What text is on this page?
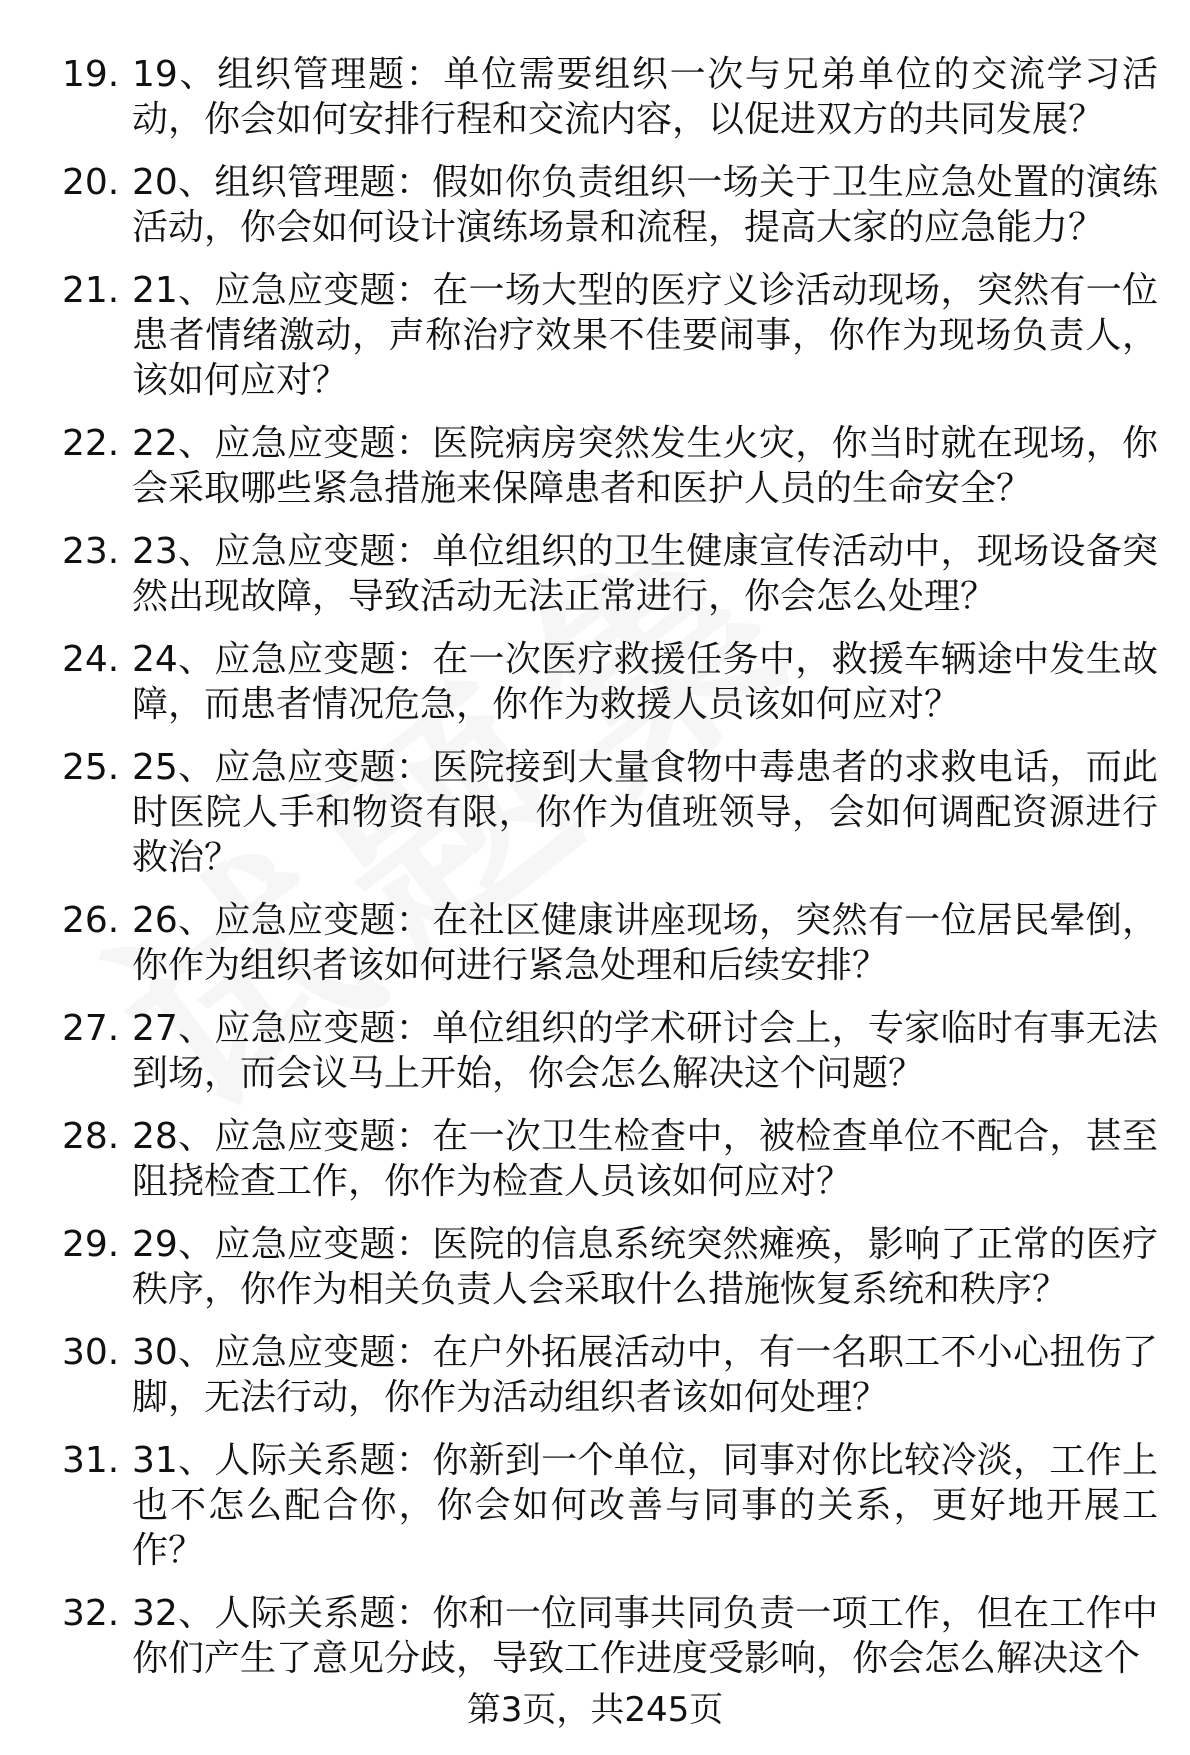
19. 19、组织管理题：单位需要组织一次与兄弟单位的交流学习活动，你会如何安排行程和交流内容，以促进双方的共同发展？
20. 20、组织管理题：假如你负责组织一场关于卫生应急处置的演练活动，你会如何设计演练场景和流程，提高大家的应急能力？
21. 21、应急应变题：在一场大型的医疗义诊活动现场，突然有一位患者情绪激动，声称治疗效果不佳要闹事，你作为现场负责人，该如何应对？
22. 22、应急应变题：医院病房突然发生火灾，你当时就在现场，你会采取哪些紧急措施来保障患者和医护人员的生命安全？
23. 23、应急应变题：单位组织的卫生健康宣传活动中，现场设备突然出现故障，导致活动无法正常进行，你会怎么处理？
24. 24、应急应变题：在一次医疗救援任务中，救援车辆途中发生故障，而患者情况危急，你作为救援人员该如何应对？
25. 25、应急应变题：医院接到大量食物中毒患者的求救电话，而此时医院人手和物资有限，你作为值班领导，会如何调配资源进行救治？
26. 26、应急应变题：在社区健康讲座现场，突然有一位居民晕倒，你作为组织者该如何进行紧急处理和后续安排？
27. 27、应急应变题：单位组织的学术研讨会上，专家临时有事无法到场，而会议马上开始，你会怎么解决这个问题？
28. 28、应急应变题：在一次卫生检查中，被检查单位不配合，甚至阻挠检查工作，你作为检查人员该如何应对？
29. 29、应急应变题：医院的信息系统突然瘫痪，影响了正常的医疗秩序，你作为相关负责人会采取什么措施恢复系统和秩序？
30. 30、应急应变题：在户外拓展活动中，有一名职工不小心扭伤了脚，无法行动，你作为活动组织者该如何处理？
31. 31、人际关系题：你新到一个单位，同事对你比较冷淡，工作上也不怎么配合你，你会如何改善与同事的关系，更好地开展工作？
32. 32、人际关系题：你和一位同事共同负责一项工作，但在工作中你们产生了意见分歧，导致工作进度受影响，你会怎么解决这个
第3页，共245页
